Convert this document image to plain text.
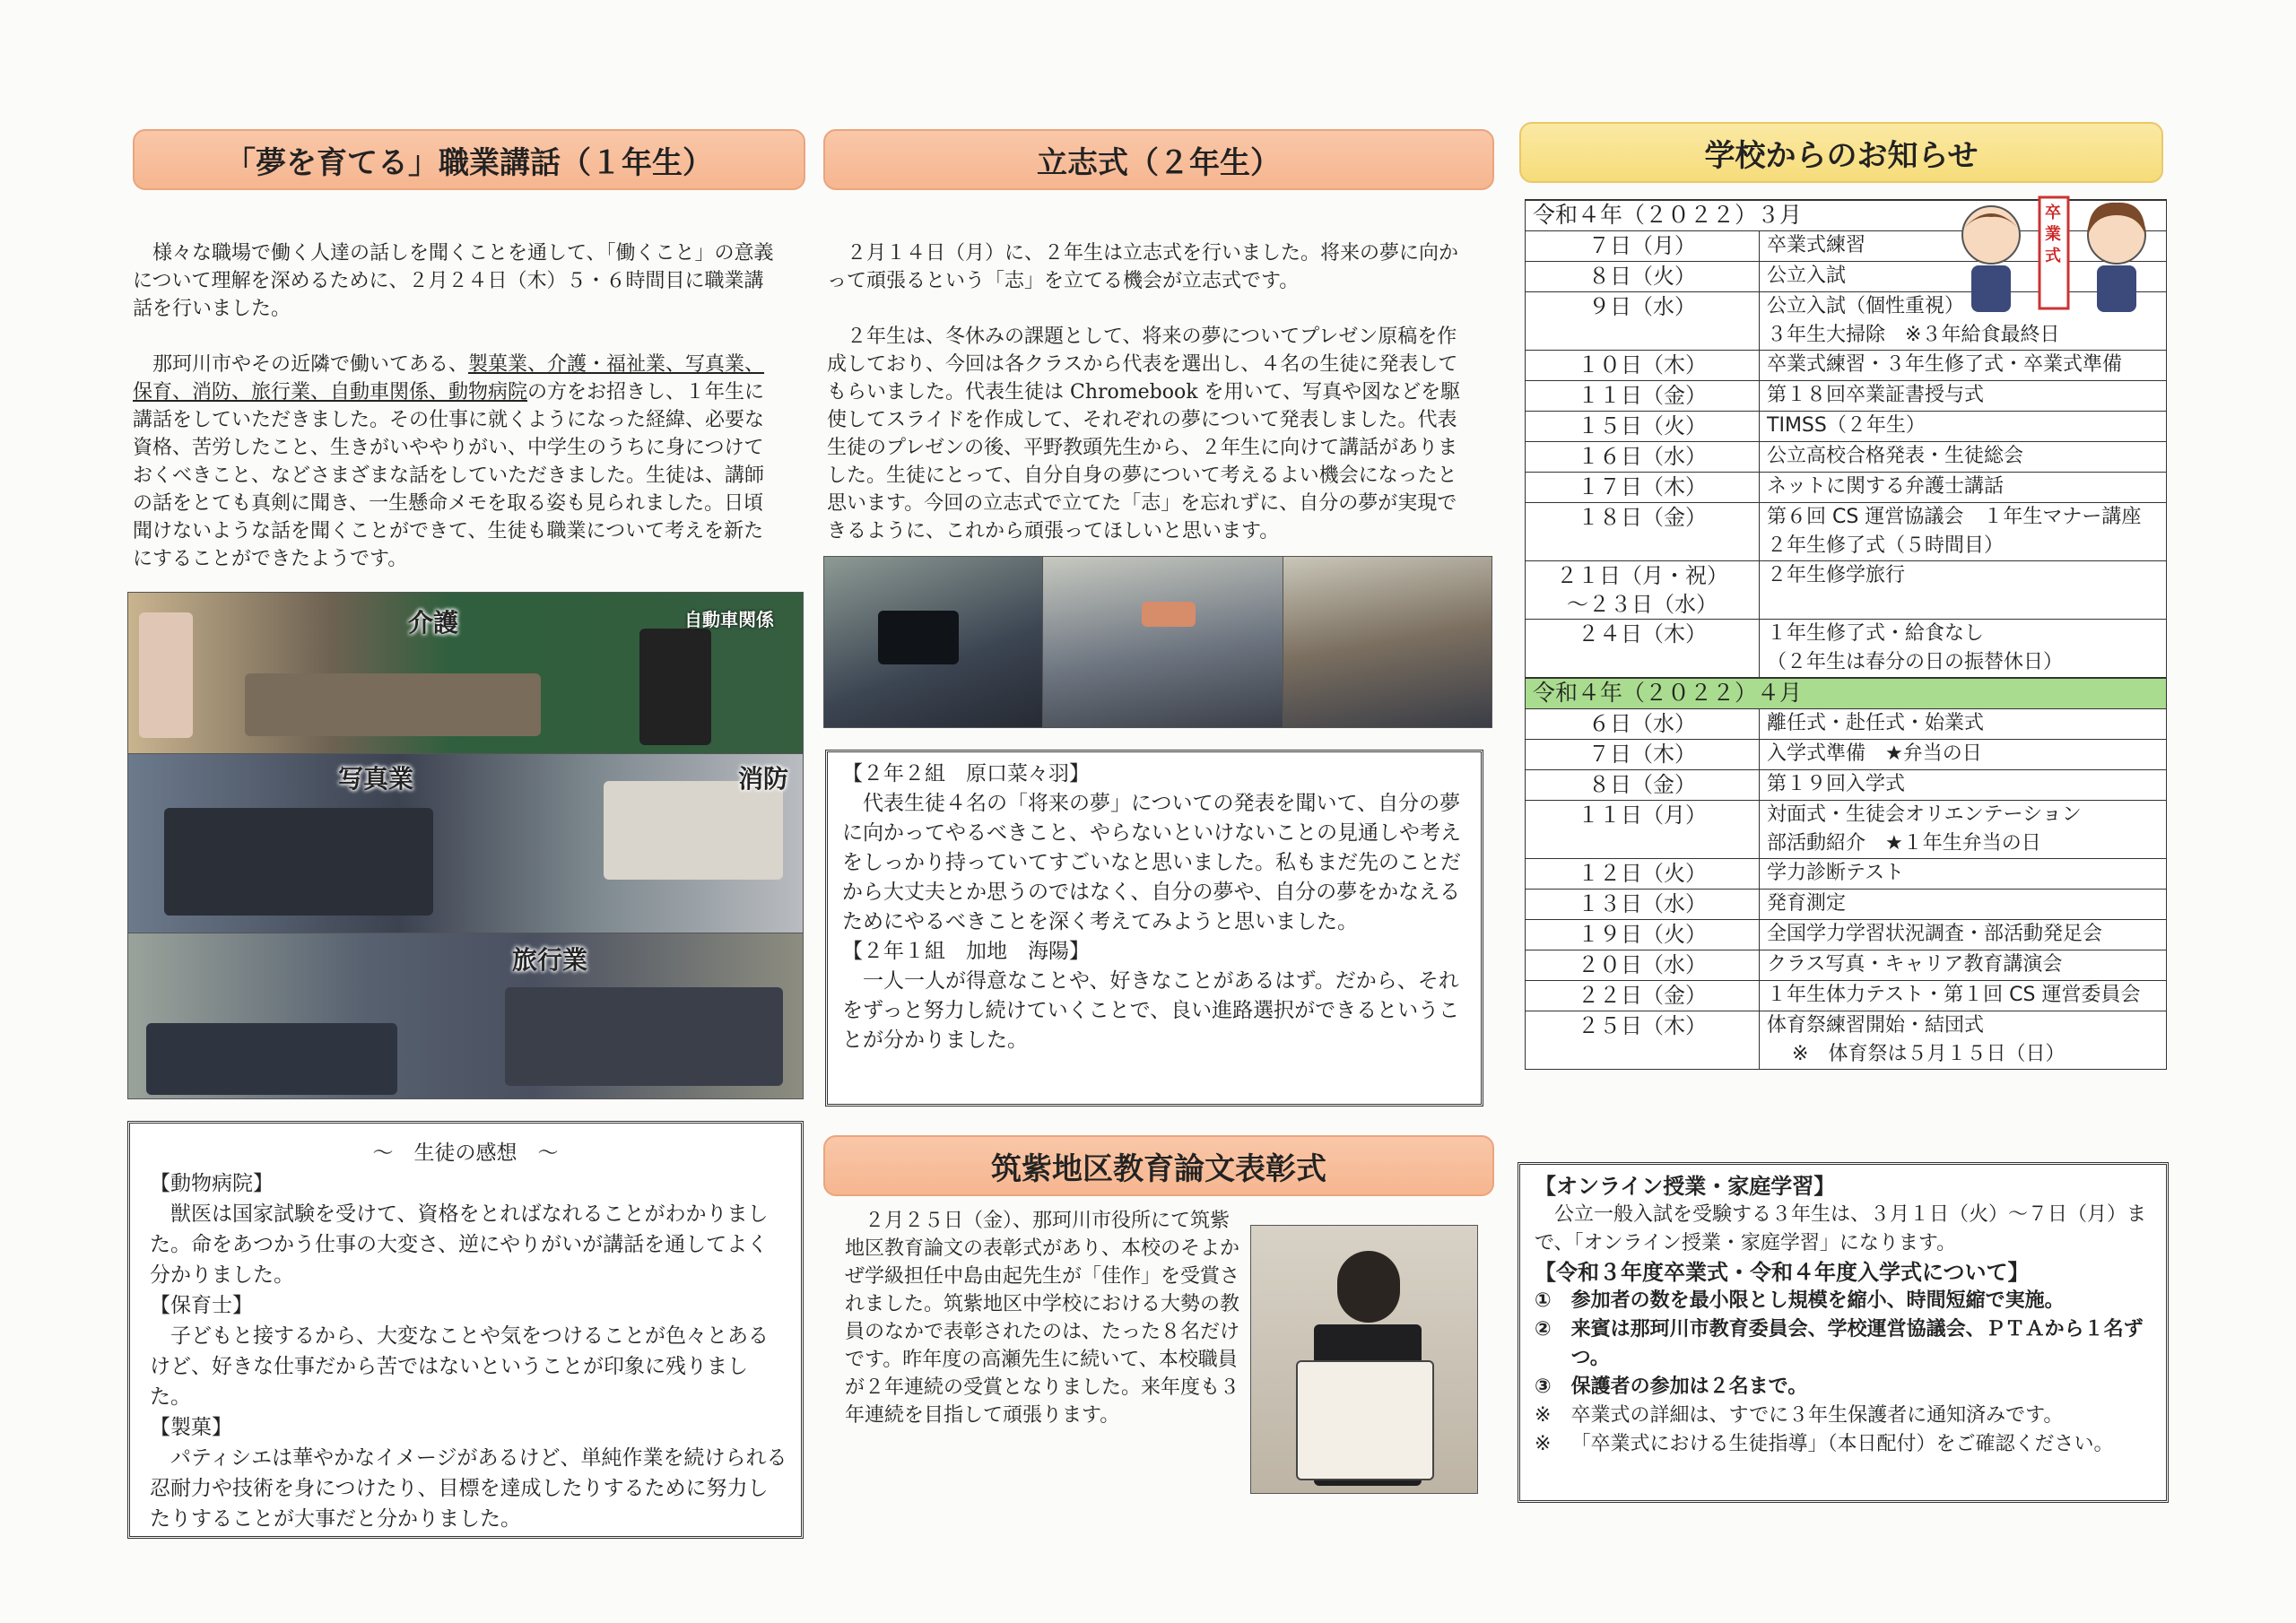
「夢を育てる」職業講話（１年生）

　様々な職場で働く人達の話しを聞くことを通して、「働くこと」の意義について理解を深めるために、２月２４日（木）５・６時間目に職業講話を行いました。

　那珂川市やその近隣で働いてある、製菓業、介護・福祉業、写真業、保育、消防、旅行業、自動車関係、動物病院の方をお招きし、１年生に講話をしていただきました。その仕事に就くようになった経緯、必要な資格、苦労したこと、生きがいややりがい、中学生のうちに身につけておくべきこと、などさまざまな話をしていただきました。生徒は、講師の話をとても真剣に聞き、一生懸命メモを取る姿も見られました。日頃聞けないような話を聞くことができて、生徒も職業について考えを新たにすることができたようです。

介護	自動車関係
写真業	消防
旅行業
～　生徒の感想　～
【動物病院】
　獣医は国家試験を受けて、資格をとればなれることがわかりました。命をあつかう仕事の大変さ、逆にやりがいが講話を通してよく分かりました。
【保育士】
　子どもと接するから、大変なことや気をつけることが色々とあるけど、好きな仕事だから苦ではないということが印象に残りました。
【製菓】
　パティシエは華やかなイメージがあるけど、単純作業を続けられる忍耐力や技術を身につけたり、目標を達成したりするために努力したりすることが大事だと分かりました。
立志式（２年生）

　２月１４日（月）に、２年生は立志式を行いました。将来の夢に向かって頑張るという「志」を立てる機会が立志式です。

　２年生は、冬休みの課題として、将来の夢についてプレゼン原稿を作成しており、今回は各クラスから代表を選出し、４名の生徒に発表してもらいました。代表生徒は Chromebook を用いて、写真や図などを駆使してスライドを作成して、それぞれの夢について発表しました。代表生徒のプレゼンの後、平野教頭先生から、２年生に向けて講話がありました。生徒にとって、自分自身の夢について考えるよい機会になったと思います。今回の立志式で立てた「志」を忘れずに、自分の夢が実現できるように、これから頑張ってほしいと思います。

【２年２組　原口菜々羽】
　代表生徒４名の「将来の夢」についての発表を聞いて、自分の夢に向かってやるべきこと、やらないといけないことの見通しや考えをしっかり持っていてすごいなと思いました。私もまだ先のことだから大丈夫とか思うのではなく、自分の夢や、自分の夢をかなえるためにやるべきことを深く考えてみようと思いました。
【２年１組　加地　海陽】
　一人一人が得意なことや、好きなことがあるはず。だから、それをずっと努力し続けていくことで、良い進路選択ができるということが分かりました。
筑紫地区教育論文表彰式
　２月２５日（金）、那珂川市役所にて筑紫地区教育論文の表彰式があり、本校のそよかぜ学級担任中島由起先生が「佳作」を受賞されました。筑紫地区中学校における大勢の教員のなかで表彰されたのは、たった８名だけです。昨年度の高瀬先生に続いて、本校職員が２年連続の受賞となりました。来年度も３年連続を目指して頑張ります。
学校からのお知らせ
令和４年（２０２２）３月	
７日（月）	卒業式練習
８日（火）	公立入試
９日（水）	公立入試（個性重視）
３年生大掃除　※３年給食最終日

１０日（木）	卒業式練習・３年生修了式・卒業式準備
１１日（金）	第１８回卒業証書授与式
１５日（火）	TIMSS（２年生）
１６日（水）	公立高校合格発表・生徒総会
１７日（木）	ネットに関する弁護士講話
１８日（金）	第６回 CS 運営協議会　１年生マナー講座
２年生修了式（５時間目）

２１日（月・祝）
～２３日（水）	２年生修学旅行
２４日（木）	１年生修了式・給食なし
（２年生は春分の日の振替休日）

令和４年（２０２２）４月	
６日（水）	離任式・赴任式・始業式
７日（木）	入学式準備　★弁当の日
８日（金）	第１９回入学式
１１日（月）	対面式・生徒会オリエンテーション
部活動紹介　★１年生弁当の日

１２日（火）	学力診断テスト
１３日（水）	発育測定
１９日（火）	全国学力学習状況調査・部活動発足会
２０日（水）	クラス写真・キャリア教育講演会
２２日（金）	１年生体力テスト・第１回 CS 運営委員会
２５日（木）	体育祭練習開始・結団式
※　体育祭は５月１５日（日）
卒業式
【オンライン授業・家庭学習】
　公立一般入試を受験する３年生は、３月１日（火）～７日（月）まで、「オンライン授業・家庭学習」になります。
【令和３年度卒業式・令和４年度入学式について】
①　 参加者の数を最小限とし規模を縮小、時間短縮で実施。
② 来賓は那珂川市教育委員会、学校運営協議会、ＰＴＡから１名ずつ。
③　 保護者の参加は２名まで。
※　 卒業式の詳細は、すでに３年生保護者に通知済みです。
※ 「卒業式における生徒指導」（本日配付）をご確認ください。
